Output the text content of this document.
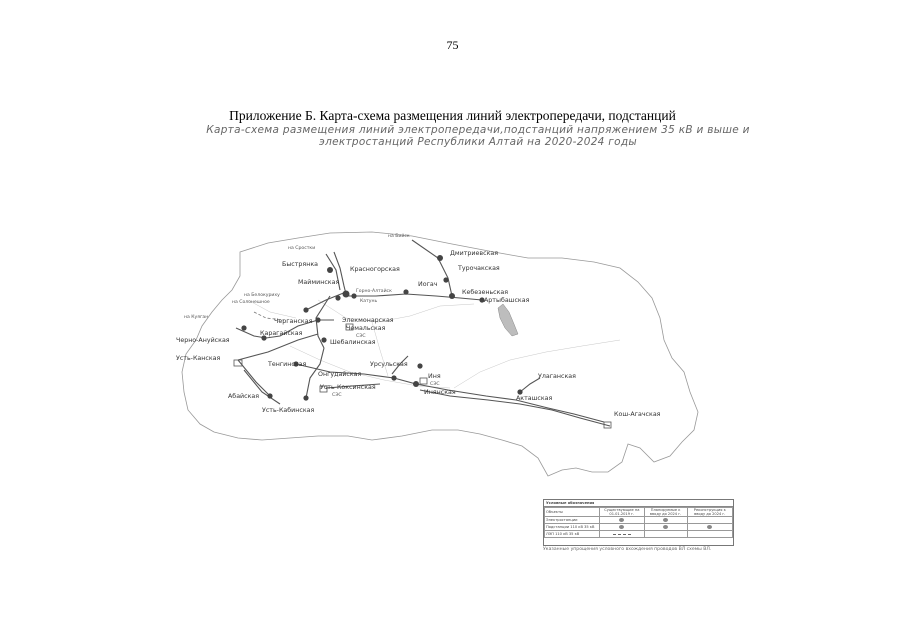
75
Приложение Б. Карта-схема размещения линий электропередачи, подстанций
Карта-схема размещения линий электропередачи,подстанций напряжением 35 кВ и выше и
электростанций Республики Алтай на 2020-2024 годы
на Бийск
на Сростки
на Белокуриху
на Солонешное
на Куяган
Быстрянка
Красногорская
Дмитриевская
Турочакская
Майминская	Иогач
Кебезеньская
Артыбашская
Горно-Алтайск
Катунь
Черганская	Элекмонарская
Чемальская
СЭС
Черно-Ануйская
Карагайская
Шебалинская
Усть-Канская
Тенгинская	Урсульская
Онгудайская	Иня
СЭС
Инянская
Улаганская
Усть-Коксинская
СЭС	Акташская
Абайская
Кош-Агачская
Усть-Кабинская
Условные обозначения
Объекты	Существующие на 01.01.2019 г.	Планируемые к вводу до 2024 г.	Реконструкция к вводу до 2024 г.
Электростанции			
Подстанции 110 кВ 35 кВ			
ЛЭП 110 кВ 35 кВ			
Указанные упрощения условного вхождения проводов ВЛ схемы ВЛ.
